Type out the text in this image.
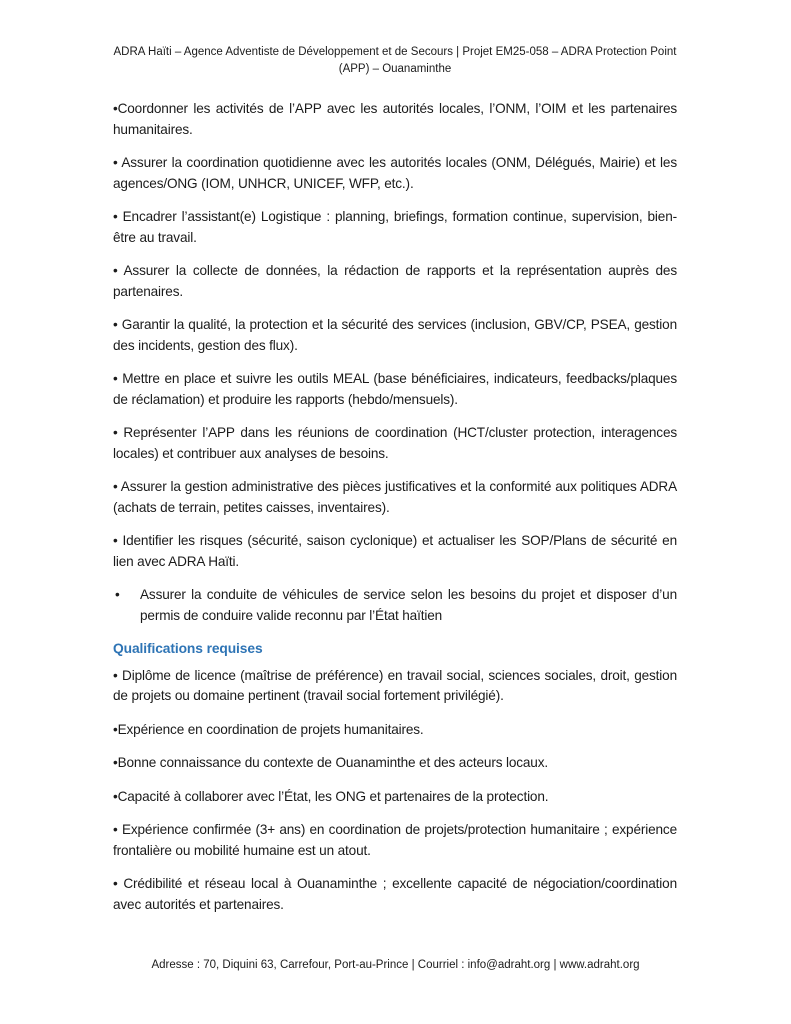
ADRA Haïti – Agence Adventiste de Développement et de Secours | Projet EM25-058 – ADRA Protection Point (APP) – Ouanaminthe

•Coordonner les activités de l’APP avec les autorités locales, l’ONM, l’OIM et les partenaires humanitaires.

• Assurer la coordination quotidienne avec les autorités locales (ONM, Délégués, Mairie) et les agences/ONG (IOM, UNHCR, UNICEF, WFP, etc.).

• Encadrer l’assistant(e) Logistique : planning, briefings, formation continue, supervision, bien-être au travail.

• Assurer la collecte de données, la rédaction de rapports et la représentation auprès des partenaires.

• Garantir la qualité, la protection et la sécurité des services (inclusion, GBV/CP, PSEA, gestion des incidents, gestion des flux).

• Mettre en place et suivre les outils MEAL (base bénéficiaires, indicateurs, feedbacks/plaques de réclamation) et produire les rapports (hebdo/mensuels).

• Représenter l’APP dans les réunions de coordination (HCT/cluster protection, interagences locales) et contribuer aux analyses de besoins.

• Assurer la gestion administrative des pièces justificatives et la conformité aux politiques ADRA (achats de terrain, petites caisses, inventaires).

• Identifier les risques (sécurité, saison cyclonique) et actualiser les SOP/Plans de sécurité en lien avec ADRA Haïti.

• Assurer la conduite de véhicules de service selon les besoins du projet et disposer d’un permis de conduire valide reconnu par l’État haïtien
Qualifications requises

• Diplôme de licence (maîtrise de préférence) en travail social, sciences sociales, droit, gestion de projets ou domaine pertinent (travail social fortement privilégié).

•Expérience en coordination de projets humanitaires.

•Bonne connaissance du contexte de Ouanaminthe et des acteurs locaux.

•Capacité à collaborer avec l’État, les ONG et partenaires de la protection.

• Expérience confirmée (3+ ans) en coordination de projets/protection humanitaire ; expérience frontalière ou mobilité humaine est un atout.

• Crédibilité et réseau local à Ouanaminthe ; excellente capacité de négociation/coordination avec autorités et partenaires.

Adresse : 70, Diquini 63, Carrefour, Port-au-Prince | Courriel : info@adraht.org | www.adraht.org
